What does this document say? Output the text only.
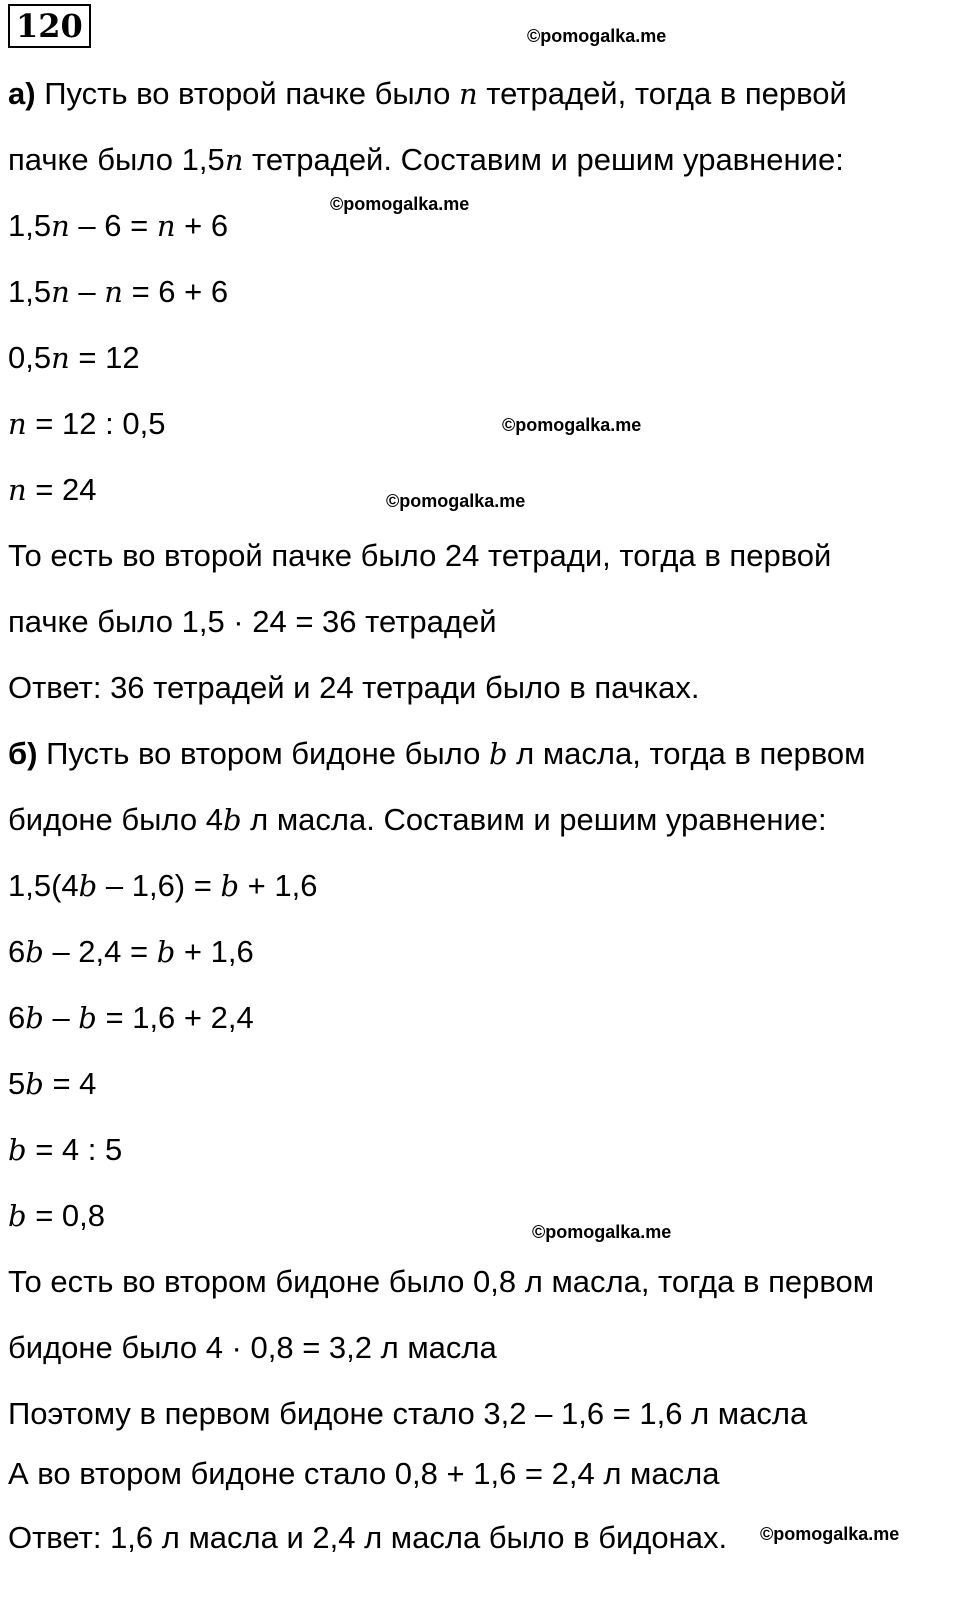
120	©pomogalka.me
©pomogalka.me
©pomogalka.me
©pomogalka.me
©pomogalka.me
©pomogalka.me
а) Пусть во второй пачке было n тетрадей, тогда в первой
пачке было 1,5n тетрадей. Составим и решим уравнение:
1,5n – 6 = n + 6
1,5n – n = 6 + 6
0,5n = 12
n = 12 : 0,5
n = 24
То есть во второй пачке было 24 тетради, тогда в первой
пачке было 1,5 · 24 = 36 тетрадей
Ответ: 36 тетрадей и 24 тетради было в пачках.
б) Пусть во втором бидоне было b л масла, тогда в первом
бидоне было 4b л масла. Составим и решим уравнение:
1,5(4b – 1,6) = b + 1,6
6b – 2,4 = b + 1,6
6b – b = 1,6 + 2,4
5b = 4
b = 4 : 5
b = 0,8
То есть во втором бидоне было 0,8 л масла, тогда в первом
бидоне было 4 · 0,8 = 3,2 л масла
Поэтому в первом бидоне стало 3,2 – 1,6 = 1,6 л масла
А во втором бидоне стало 0,8 + 1,6 = 2,4 л масла
Ответ: 1,6 л масла и 2,4 л масла было в бидонах.
